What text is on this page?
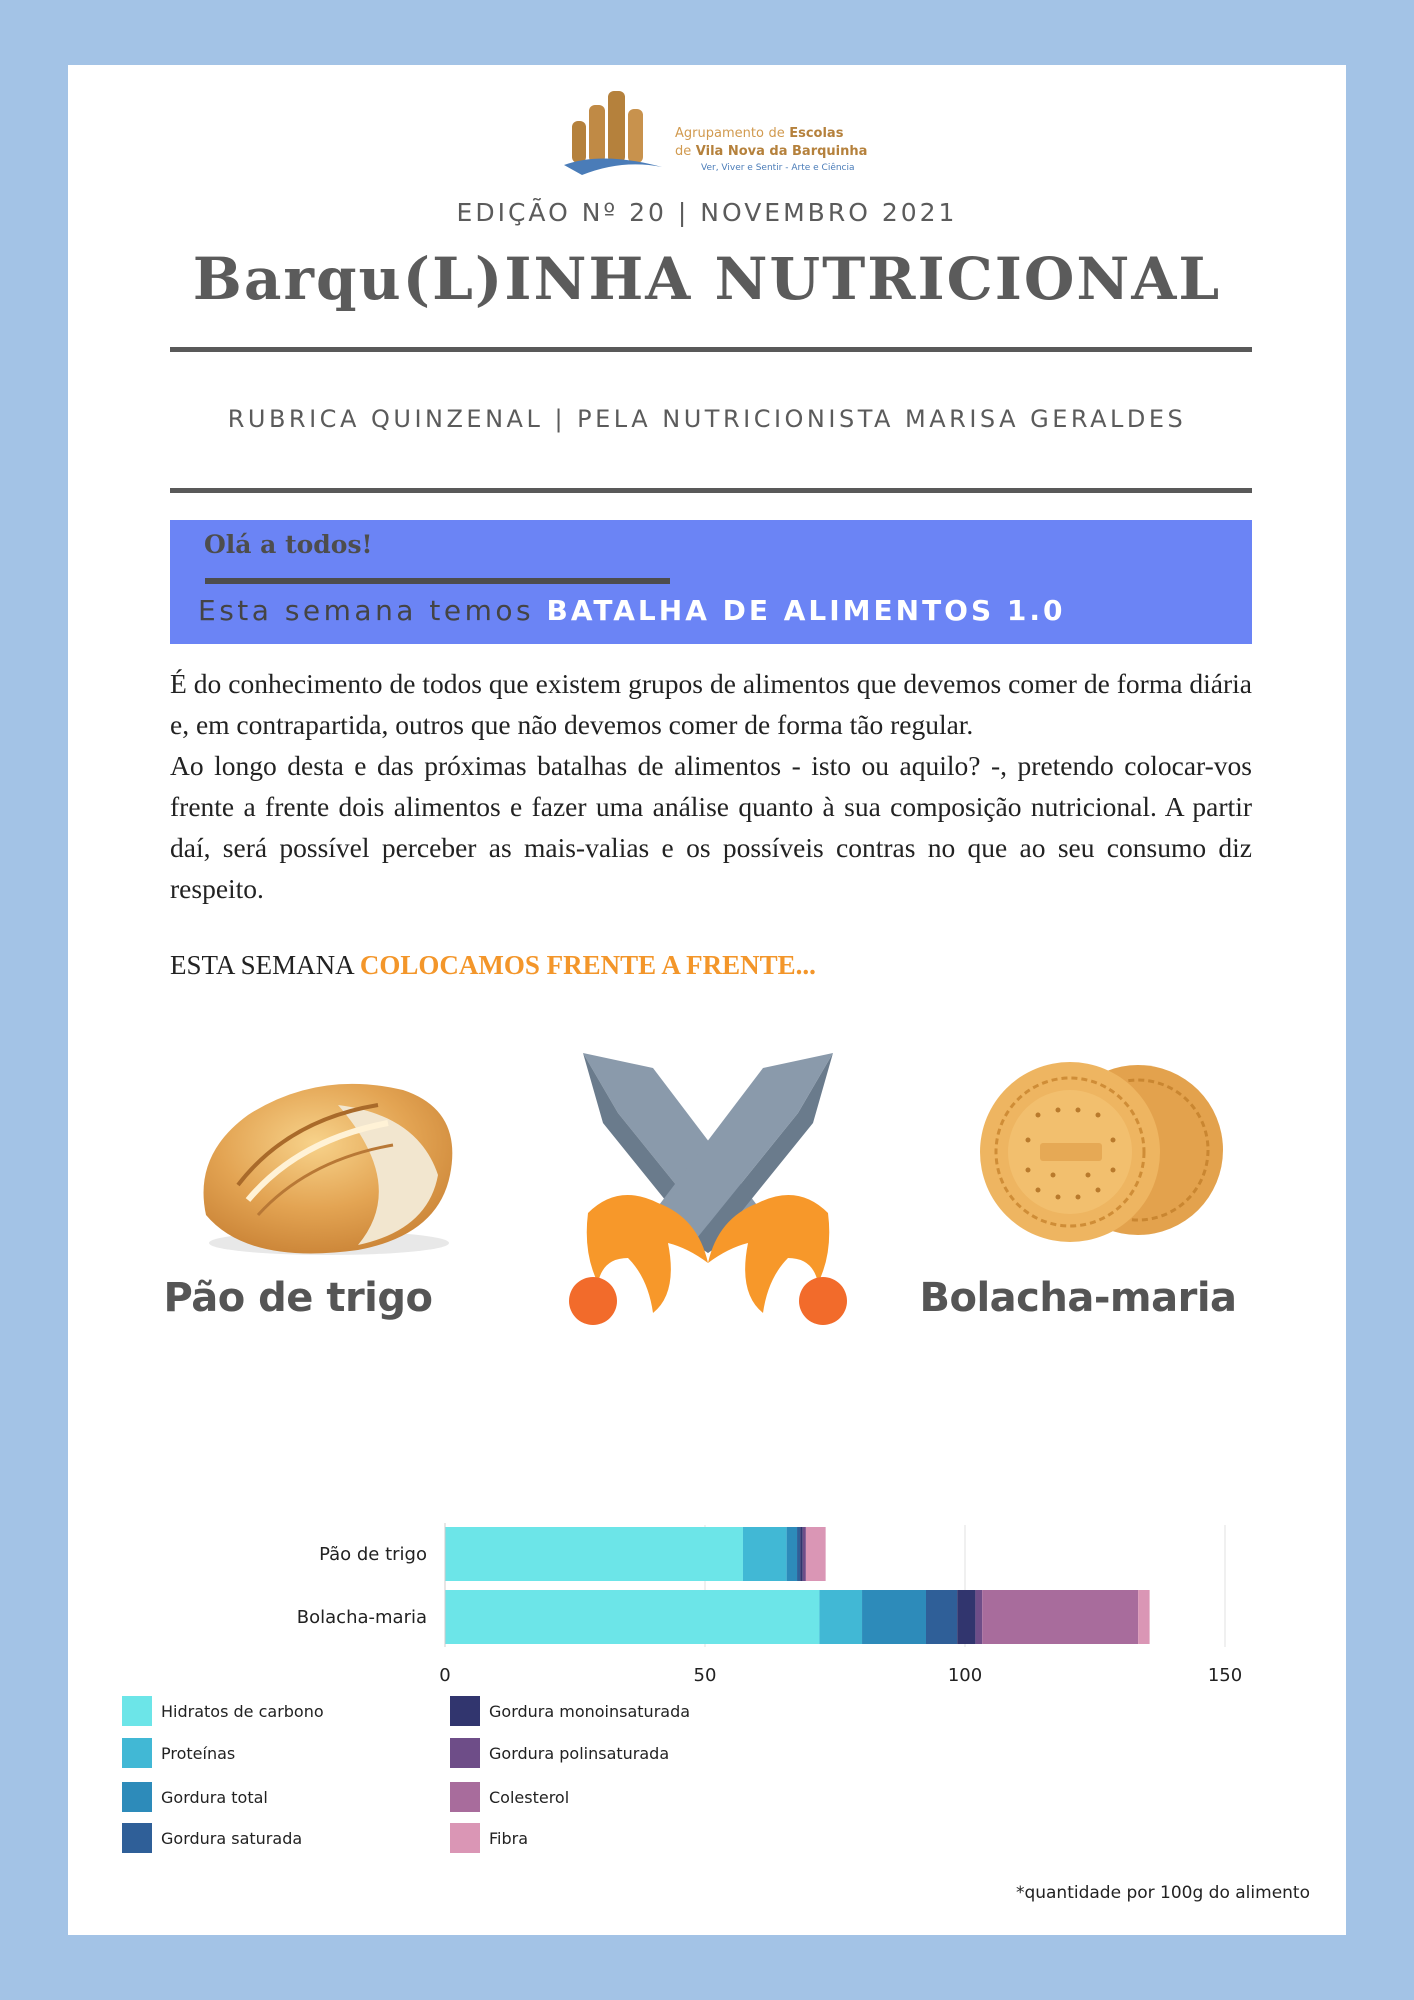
Agrupamento de Escolas
de Vila Nova da Barquinha
Ver, Viver e Sentir - Arte e Ciência
EDIÇÃO Nº 20 | NOVEMBRO 2021
Barqu(L)INHA NUTRICIONAL
RUBRICA QUINZENAL | PELA NUTRICIONISTA MARISA GERALDES
Olá a todos!
Esta semana temos BATALHA DE ALIMENTOS 1.0

É do conhecimento de todos que existem grupos de alimentos que devemos comer de forma diária e, em contrapartida, outros que não devemos comer de forma tão regular.

Ao longo desta e das próximas batalhas de alimentos - isto ou aquilo? -, pretendo colocar-vos frente a frente dois alimentos e fazer uma análise quanto à sua composição nutricional. A partir daí, será possível perceber as mais-valias e os possíveis contras no que ao seu consumo diz respeito.

ESTA SEMANA COLOCAMOS FRENTE A FRENTE...
Pão de trigo	Bolacha-maria
0	50	100	150
Pão de trigo
Bolacha-maria
Hidratos de carbono
Proteínas
Gordura total
Gordura saturada
Gordura monoinsaturada
Gordura polinsaturada
Colesterol
Fibra
*quantidade por 100g do alimento
